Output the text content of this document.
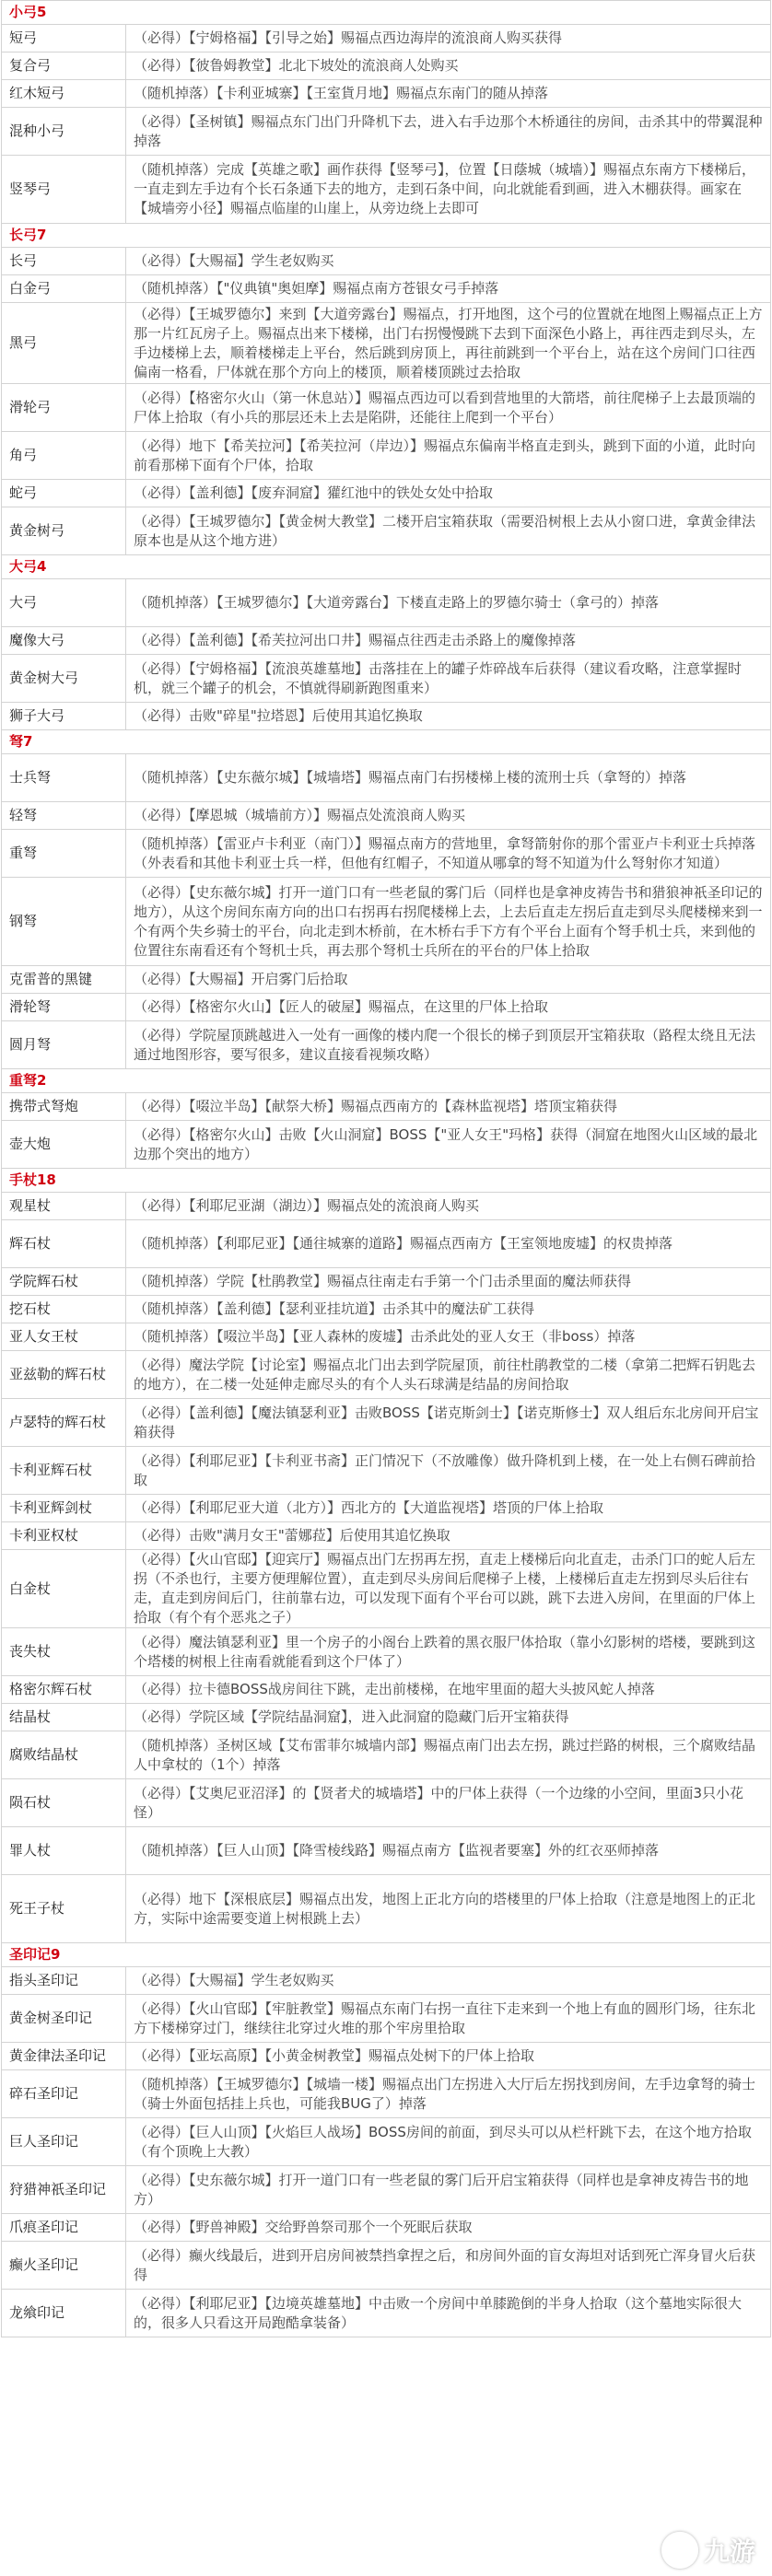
小弓5	
短弓	（必得）【宁姆格福】【引导之始】赐福点西边海岸的流浪商人购买获得
复合弓	（必得）【彼鲁姆教堂】北北下坡处的流浪商人处购买
红木短弓	（随机掉落）【卡利亚城寨】【王室貨月地】赐福点东南门的随从掉落
混种小弓	（必得）【圣树镇】赐福点东门出门升降机下去，进入右手边那个木桥通往的房间，击杀其中的带翼混种掉落
竖琴弓	（随机掉落）完成【英雄之歌】画作获得【竖琴弓】，位置【日蔭城（城墙）】赐福点东南方下楼梯后，一直走到左手边有个长石条通下去的地方，走到石条中间，向北就能看到画，进入木棚获得。画家在【城墙旁小径】赐福点临崖的山崖上，从旁边绕上去即可
长弓7	
长弓	（必得）【大赐福】学生老奴购买
白金弓	（随机掉落）【"仪典镇"奥妲摩】赐福点南方苍银女弓手掉落
黑弓	（必得）【王城罗德尔】来到【大道旁露台】赐福点，打开地图，这个弓的位置就在地图上赐福点正上方那一片红瓦房子上。赐福点出来下楼梯，出门右拐慢慢跳下去到下面深色小路上，再往西走到尽头，左手边楼梯上去，顺着楼梯走上平台，然后跳到房顶上，再往前跳到一个平台上，站在这个房间门口往西偏南一格看，尸体就在那个方向上的楼顶，顺着楼顶跳过去拾取
滑轮弓	（必得）【格密尔火山（第一休息站）】赐福点西边可以看到营地里的大箭塔，前往爬梯子上去最顶端的尸体上拾取（有小兵的那层还未上去是陷阱，还能往上爬到一个平台）
角弓	（必得）地下【希芙拉河】【希芙拉河（岸边）】赐福点东偏南半格直走到头，跳到下面的小道，此时向前看那梯下面有个尸体，拾取
蛇弓	（必得）【盖利德】【废弃洞窟】獾红池中的铁处女处中拾取
黄金树弓	（必得）【王城罗德尔】【黄金树大教堂】二楼开启宝箱获取（需要沿树根上去从小窗口进，拿黄金律法原本也是从这个地方进）
大弓4	
大弓	（随机掉落）【王城罗德尔】【大道旁露台】下楼直走路上的罗德尔骑士（拿弓的）掉落
魔像大弓	（必得）【盖利德】【希芙拉河出口井】赐福点往西走击杀路上的魔像掉落
黄金树大弓	（必得）【宁姆格福】【流浪英雄墓地】击落挂在上的罐子炸碎战车后获得（建议看攻略，注意掌握时机，就三个罐子的机会，不慎就得刷新跑图重来）
狮子大弓	（必得）击败"碎星"拉塔恩】后使用其追忆换取
弩7	
士兵弩	（随机掉落）【史东薇尔城】【城墙塔】赐福点南门右拐楼梯上楼的流刑士兵（拿弩的）掉落
轻弩	（必得）【摩恩城（城墙前方）】赐福点处流浪商人购买
重弩	（随机掉落）【雷亚卢卡利亚（南门）】赐福点南方的营地里，拿弩箭射你的那个雷亚卢卡利亚士兵掉落（外表看和其他卡利亚士兵一样，但他有红帽子，不知道从哪拿的弩不知道为什么弩射你才知道）
钢弩	（必得）【史东薇尔城】打开一道门口有一些老鼠的雾门后（同样也是拿神皮祷告书和猎狼神祇圣印记的地方），从这个房间东南方向的出口右拐再右拐爬楼梯上去，上去后直走左拐后直走到尽头爬楼梯来到一个有两个失乡骑士的平台，向北走到木桥前，在木桥右手下方有个平台上面有个弩手机士兵，来到他的位置往东南看还有个弩机士兵，再去那个弩机士兵所在的平台的尸体上拾取
克雷普的黑键	（必得）【大赐福】开启雾门后拾取
滑轮弩	（必得）【格密尔火山】【匠人的破屋】赐福点，在这里的尸体上拾取
圆月弩	（必得）学院屋顶跳越进入一处有一画像的楼内爬一个很长的梯子到顶层开宝箱获取（路程太绕且无法通过地图形容，要写很多，建议直接看视频攻略）
重弩2	
携带式弩炮	（必得）【啜泣半岛】【献祭大桥】赐福点西南方的【森林监视塔】塔顶宝箱获得
壶大炮	（必得）【格密尔火山】击败【火山洞窟】BOSS【"亚人女王"玛格】获得（洞窟在地图火山区域的最北边那个突出的地方）
手杖18	
观星杖	（必得）【利耶尼亚湖（湖边）】赐福点处的流浪商人购买
辉石杖	（随机掉落）【利耶尼亚】【通往城寨的道路】赐福点西南方【王室领地废墟】的权贵掉落
学院辉石杖	（随机掉落）学院【杜鹃教堂】赐福点往南走右手第一个门击杀里面的魔法师获得
挖石杖	（随机掉落）【盖利德】【瑟利亚挂坑道】击杀其中的魔法矿工获得
亚人女王杖	（随机掉落）【啜泣半岛】【亚人森林的废墟】击杀此处的亚人女王（非boss）掉落
亚兹勒的辉石杖	（必得）魔法学院【讨论室】赐福点北门出去到学院屋顶，前往杜鹃教堂的二楼（拿第二把辉石钥匙去的地方），在二楼一处延伸走廊尽头的有个人头石球满是结晶的房间拾取
卢瑟特的辉石杖	（必得）【盖利德】【魔法镇瑟利亚】击败BOSS【诺克斯剑士】【诺克斯修士】双人组后东北房间开启宝箱获得
卡利亚辉石杖	（必得）【利耶尼亚】【卡利亚书斋】正门情况下（不放雕像）做升降机到上楼，在一处上右侧石碑前拾取
卡利亚辉剑杖	（必得）【利耶尼亚大道（北方）】西北方的【大道监视塔】塔顶的尸体上拾取
卡利亚权杖	（必得）击败"满月女王"蕾娜菈】后使用其追忆换取
白金杖	（必得）【火山官邸】【迎宾厅】赐福点出门左拐再左拐，直走上楼梯后向北直走，击杀门口的蛇人后左拐（不杀也行，主要方便理解位置），直走到尽头房间后爬梯子上楼，上楼梯后直走左拐到尽头后往右走，直走到房间后门，往前靠右边，可以发现下面有个平台可以跳，跳下去进入房间，在里面的尸体上拾取（有个有个恶兆之子）
丧失杖	（必得）魔法镇瑟利亚】里一个房子的小阁台上跌着的黑衣服尸体拾取（靠小幻影树的塔楼，要跳到这个塔楼的树根上往南看就能看到这个尸体了）
格密尔辉石杖	（必得）拉卡德BOSS战房间往下跳，走出前楼梯，在地牢里面的超大头披风蛇人掉落
结晶杖	（必得）学院区域【学院结晶洞窟】，进入此洞窟的隐藏门后开宝箱获得
腐败结晶杖	（随机掉落）圣树区域【艾布雷菲尔城墙内部】赐福点南门出去左拐，跳过拦路的树根，三个腐败结晶人中拿杖的（1个）掉落
陨石杖	（必得）【艾奥尼亚沼泽】的【贤者犬的城墙塔】中的尸体上获得（一个边缘的小空间，里面3只小花怪）
罪人杖	（随机掉落）【巨人山顶】【降雪棱线路】赐福点南方【监视者要塞】外的红衣巫师掉落
死王子杖	（必得）地下【深根底层】赐福点出发，地图上正北方向的塔楼里的尸体上拾取（注意是地图上的正北方，实际中途需要变道上树根跳上去）
圣印记9	
指头圣印记	（必得）【大赐福】学生老奴购买
黄金树圣印记	（必得）【火山官邸】【牢脏教堂】赐福点东南门右拐一直往下走来到一个地上有血的圆形门场，往东北方下楼梯穿过门，继续往北穿过火堆的那个牢房里拾取
黄金律法圣印记	（必得）【亚坛高原】【小黄金树教堂】赐福点处树下的尸体上拾取
碎石圣印记	（随机掉落）【王城罗德尔】【城墙一楼】赐福点出门左拐进入大厅后左拐找到房间，左手边拿弩的骑士（骑士外面包括挂上兵也，可能我BUG了）掉落
巨人圣印记	（必得）【巨人山顶】【火焰巨人战场】BOSS房间的前面，到尽头可以从栏杆跳下去，在这个地方拾取（有个顶晚上大教）
狩猎神祇圣印记	（必得）【史东薇尔城】打开一道门口有一些老鼠的雾门后开启宝箱获得（同样也是拿神皮祷告书的地方）
爪痕圣印记	（必得）【野兽神殿】交给野兽祭司那个一个死眠后获取
癫火圣印记	（必得）癫火线最后，进到开启房间被禁挡拿捏之后，和房间外面的盲女海坦对话到死亡浑身冒火后获得
龙飨印记	（必得）【利耶尼亚】【边境英雄墓地】中击败一个房间中单膝跪倒的半身人拾取（这个墓地实际很大的，很多人只看这开局跑酷拿装备）
九游
